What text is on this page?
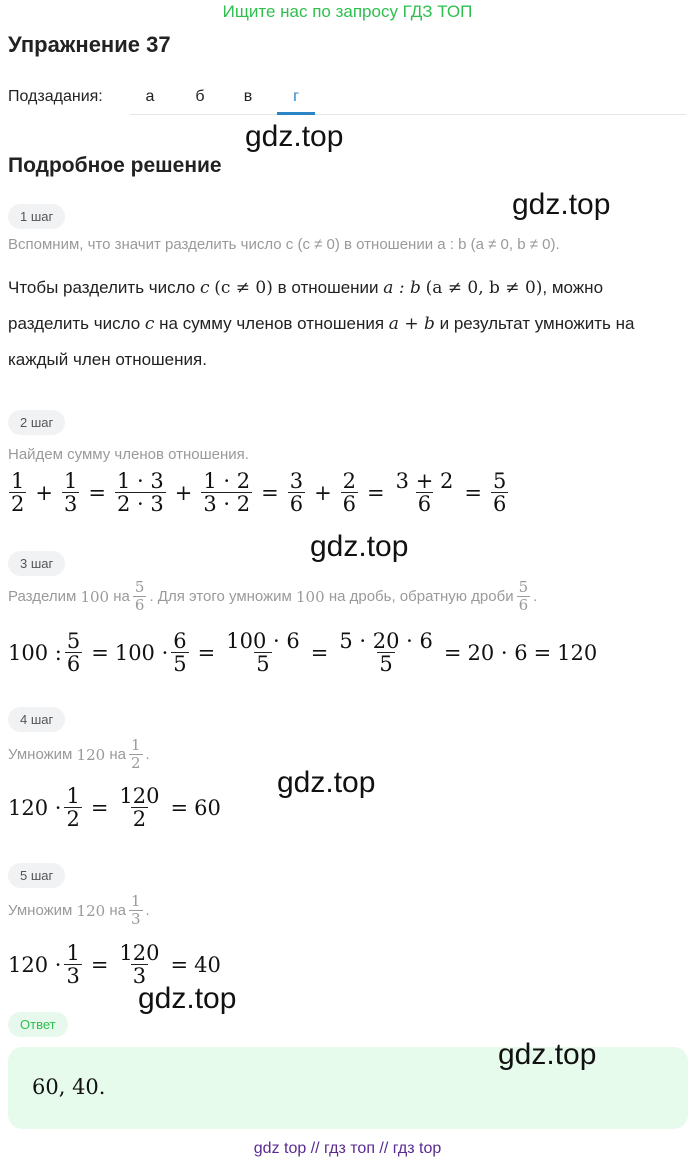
Ищите нас по запросу ГДЗ ТОП
Упражнение 37
Подзадания:	а	б	в	г
gdz.top
Подробное решение
gdz.top
1 шаг
Вспомним, что значит разделить число c (c ≠ 0) в отношении a : b (a ≠ 0, b ≠ 0).
Чтобы разделить число c (c ≠ 0) в отношении a : b (a ≠ 0, b ≠ 0), можно
разделить число c на сумму членов отношения a + b и результат умножить на
каждый член отношения.
2 шаг
Найдем сумму членов отношения.
$\frac{1}{2} + \frac{1}{3} = \frac{1 \cdot 3}{2 \cdot 3} + \frac{1 \cdot 2}{3 \cdot 2} = \frac{3}{6} + \frac{2}{6} = \frac{3 + 2}{6} = \frac{5}{6}$
gdz.top
3 шаг
Разделим
100
на $\frac{5}{6}$ . Для этого умножим
100
на дробь, обратную дроби $\frac{5}{6}$ .
100 : $\frac{5}{6} = 100 \cdot \frac{6}{5} = \frac{100 \cdot 6}{5} = \frac{5 \cdot 20 \cdot 6}{5} = 20 \cdot 6 = 120$
4 шаг
Умножим
120
на $\frac{1}{2}$ .
gdz.top
$120 \cdot \frac{1}{2} = \frac{120}{2} = 60$
5 шаг
Умножим
120
на $\frac{1}{3}$ .
$120 \cdot \frac{1}{3} = \frac{120}{3} = 40$
gdz.top
Ответ
gdz.top
60, 40.
gdz top // гдз топ // гдз top
